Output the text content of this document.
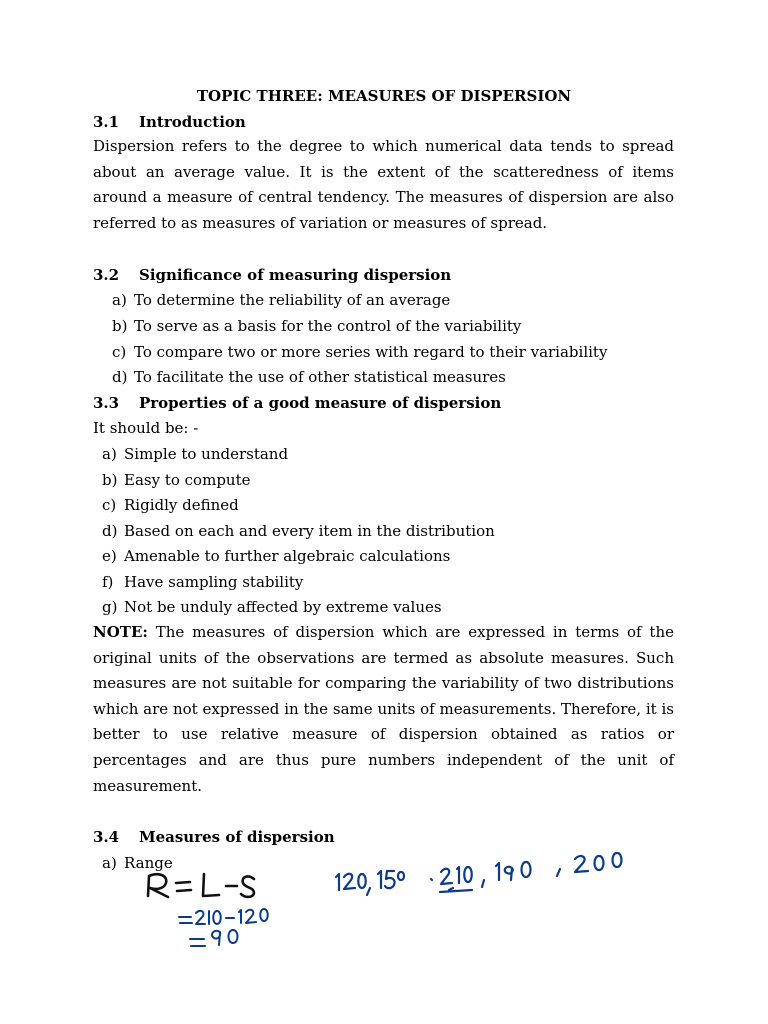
TOPIC THREE: MEASURES OF DISPERSION
3.1 Introduction

Dispersion refers to the degree to which numerical data tends to spread about an average value. It is the extent of the scatteredness of items around a measure of central tendency. The measures of dispersion are also referred to as measures of variation or measures of spread.

3.2 Significance of measuring dispersion
a) To determine the reliability of an average
b) To serve as a basis for the control of the variability
c) To compare two or more series with regard to their variability
d) To facilitate the use of other statistical measures
3.3 Properties of a good measure of dispersion
It should be: -
a) Simple to understand
b) Easy to compute
c) Rigidly defined
d) Based on each and every item in the distribution
e) Amenable to further algebraic calculations
f) Have sampling stability
g) Not be unduly affected by extreme values

NOTE: The measures of dispersion which are expressed in terms of the original units of the observations are termed as absolute measures. Such measures are not suitable for comparing the variability of two distributions which are not expressed in the same units of measurements. Therefore, it is better to use relative measure of dispersion obtained as ratios or percentages and are thus pure numbers independent of the unit of measurement.

3.4 Measures of dispersion
a) Range
